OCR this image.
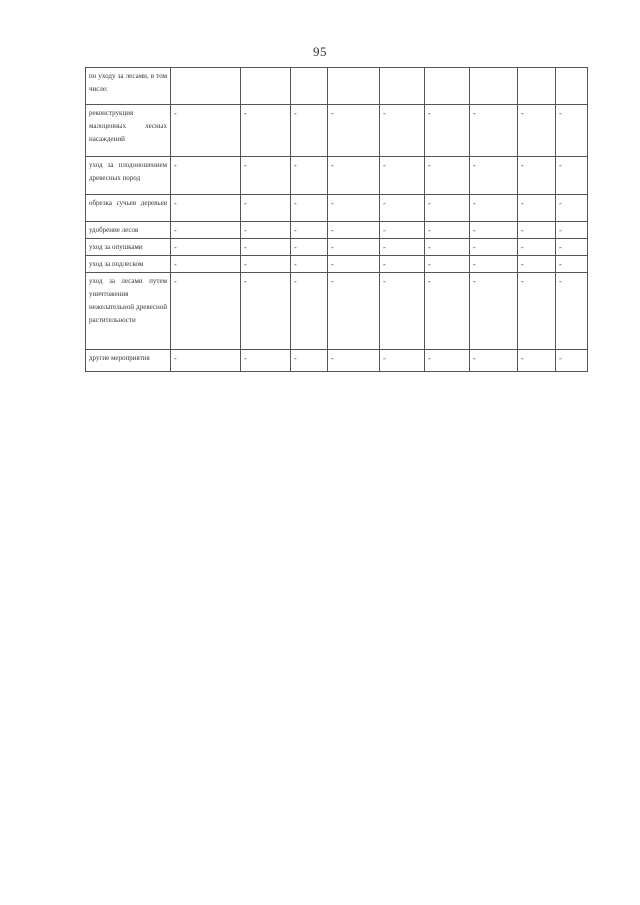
95
по уходу за лесами, в том числе:									
реконструкция малоценных лесных насаждений	-	-	-	-	-	-	-	-	-
уход за плодоношением древесных пород	-	-	-	-	-	-	-	-	-
обрезка сучьев деревьев	-	-	-	-	-	-	-	-	-
удобрение лесов	-	-	-	-	-	-	-	-	-
уход за опушками	-	-	-	-	-	-	-	-	-
уход за подлеском	-	-	-	-	-	-	-	-	-
уход за лесами путем уничтожения нежелательной древесной растительности	-	-	-	-	-	-	-	-	-
другие мероприятия	-	-	-	-	-	-	-	-	-
